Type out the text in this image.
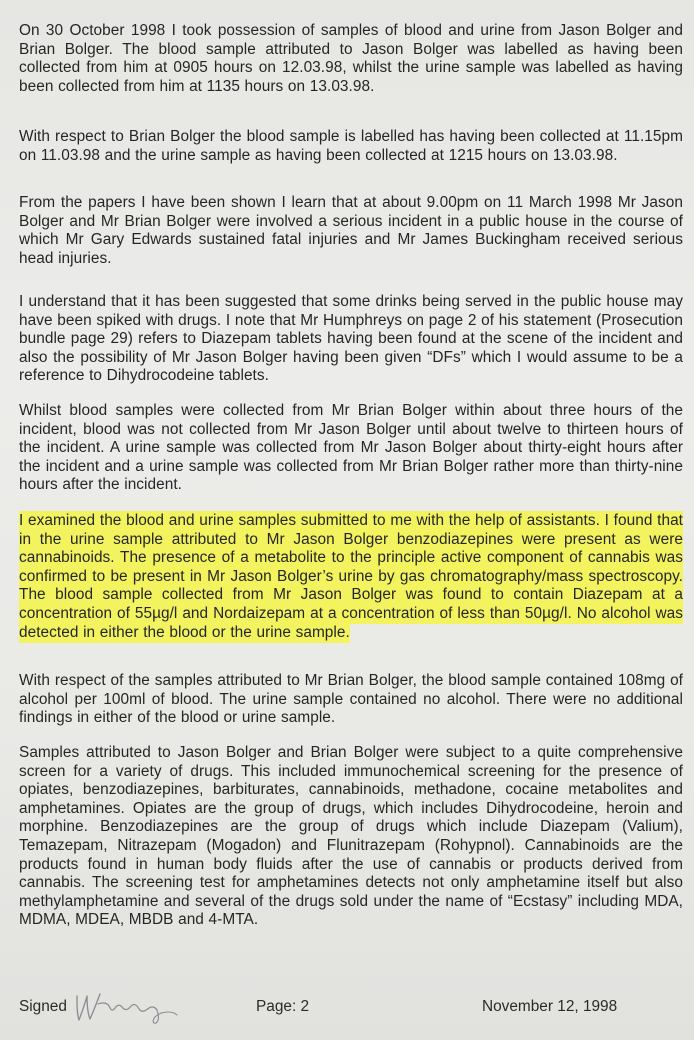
On 30 October 1998 I took possession of samples of blood and urine from Jason Bolger and Brian Bolger. The blood sample attributed to Jason Bolger was labelled as having been collected from him at 0905 hours on 12.03.98, whilst the urine sample was labelled as having been collected from him at 1135 hours on 13.03.98.

With respect to Brian Bolger the blood sample is labelled has having been collected at 11.15pm on 11.03.98 and the urine sample as having been collected at 1215 hours on 13.03.98.

From the papers I have been shown I learn that at about 9.00pm on 11 March 1998 Mr Jason Bolger and Mr Brian Bolger were involved a serious incident in a public house in the course of which Mr Gary Edwards sustained fatal injuries and Mr James Buckingham received serious head injuries.

I understand that it has been suggested that some drinks being served in the public house may have been spiked with drugs. I note that Mr Humphreys on page 2 of his statement (Prosecution bundle page 29) refers to Diazepam tablets having been found at the scene of the incident and also the possibility of Mr Jason Bolger having been given “DFs” which I would assume to be a reference to Dihydrocodeine tablets.

Whilst blood samples were collected from Mr Brian Bolger within about three hours of the incident, blood was not collected from Mr Jason Bolger until about twelve to thirteen hours of the incident. A urine sample was collected from Mr Jason Bolger about thirty-eight hours after the incident and a urine sample was collected from Mr Brian Bolger rather more than thirty-nine hours after the incident.

I examined the blood and urine samples submitted to me with the help of assistants. I found that in the urine sample attributed to Mr Jason Bolger benzodiazepines were present as were cannabinoids. The presence of a metabolite to the principle active component of cannabis was confirmed to be present in Mr Jason Bolger’s urine by gas chromatography/mass spectroscopy. The blood sample collected from Mr Jason Bolger was found to contain Diazepam at a concentration of 55µg/l and Nordaizepam at a concentration of less than 50µg/l. No alcohol was detected in either the blood or the urine sample.

With respect of the samples attributed to Mr Brian Bolger, the blood sample contained 108mg of alcohol per 100ml of blood. The urine sample contained no alcohol. There were no additional findings in either of the blood or urine sample.

Samples attributed to Jason Bolger and Brian Bolger were subject to a quite comprehensive screen for a variety of drugs. This included immunochemical screening for the presence of opiates, benzodiazepines, barbiturates, cannabinoids, methadone, cocaine metabolites and amphetamines. Opiates are the group of drugs, which includes Dihydrocodeine, heroin and morphine. Benzodiazepines are the group of drugs which include Diazepam (Valium), Temazepam, Nitrazepam (Mogadon) and Flunitrazepam (Rohypnol). Cannabinoids are the products found in human body fluids after the use of cannabis or products derived from cannabis. The screening test for amphetamines detects not only amphetamine itself but also methylamphetamine and several of the drugs sold under the name of “Ecstasy” including MDA, MDMA, MDEA, MBDB and 4-MTA.

Signed	Page: 2	November 12, 1998
